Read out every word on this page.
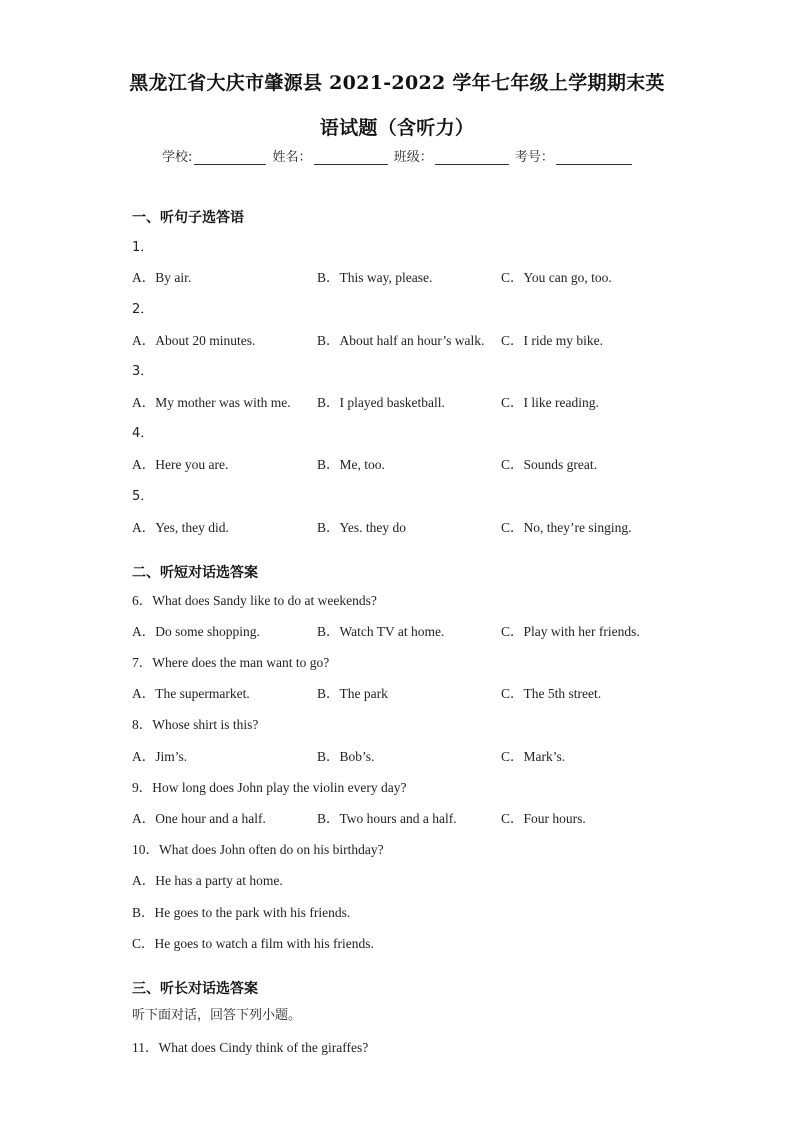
黑龙江省大庆市肇源县 2021-2022 学年七年级上学期期末英
语试题（含听力）
学校:	姓名：	班级：	考号：
一、听句子选答语
1．
A．By air.	B．This way, please.	C．You can go, too.
2．
A．About 20 minutes.	B．About half an hour’s walk. C．I ride my bike.
3．
A．My mother was with me. B．I played basketball.	C．I like reading.
4．
A．Here you are.	B．Me, too.	C．Sounds great.
5．
A．Yes, they did.	B．Yes. they do	C．No, they’re singing.
二、听短对话选答案
6．What does Sandy like to do at weekends?
A．Do some shopping.	B．Watch TV at home.	C．Play with her friends.
7．Where does the man want to go?
A．The supermarket.	B．The park	C．The 5th street.
8．Whose shirt is this?
A．Jim’s.	B．Bob’s.	C．Mark’s.
9．How long does John play the violin every day?
A．One hour and a half.	B．Two hours and a half.	C．Four hours.
10．What does John often do on his birthday?
A．He has a party at home.
B．He goes to the park with his friends.
C．He goes to watch a film with his friends.
三、听长对话选答案
听下面对话，回答下列小题。
11．What does Cindy think of the giraffes?
